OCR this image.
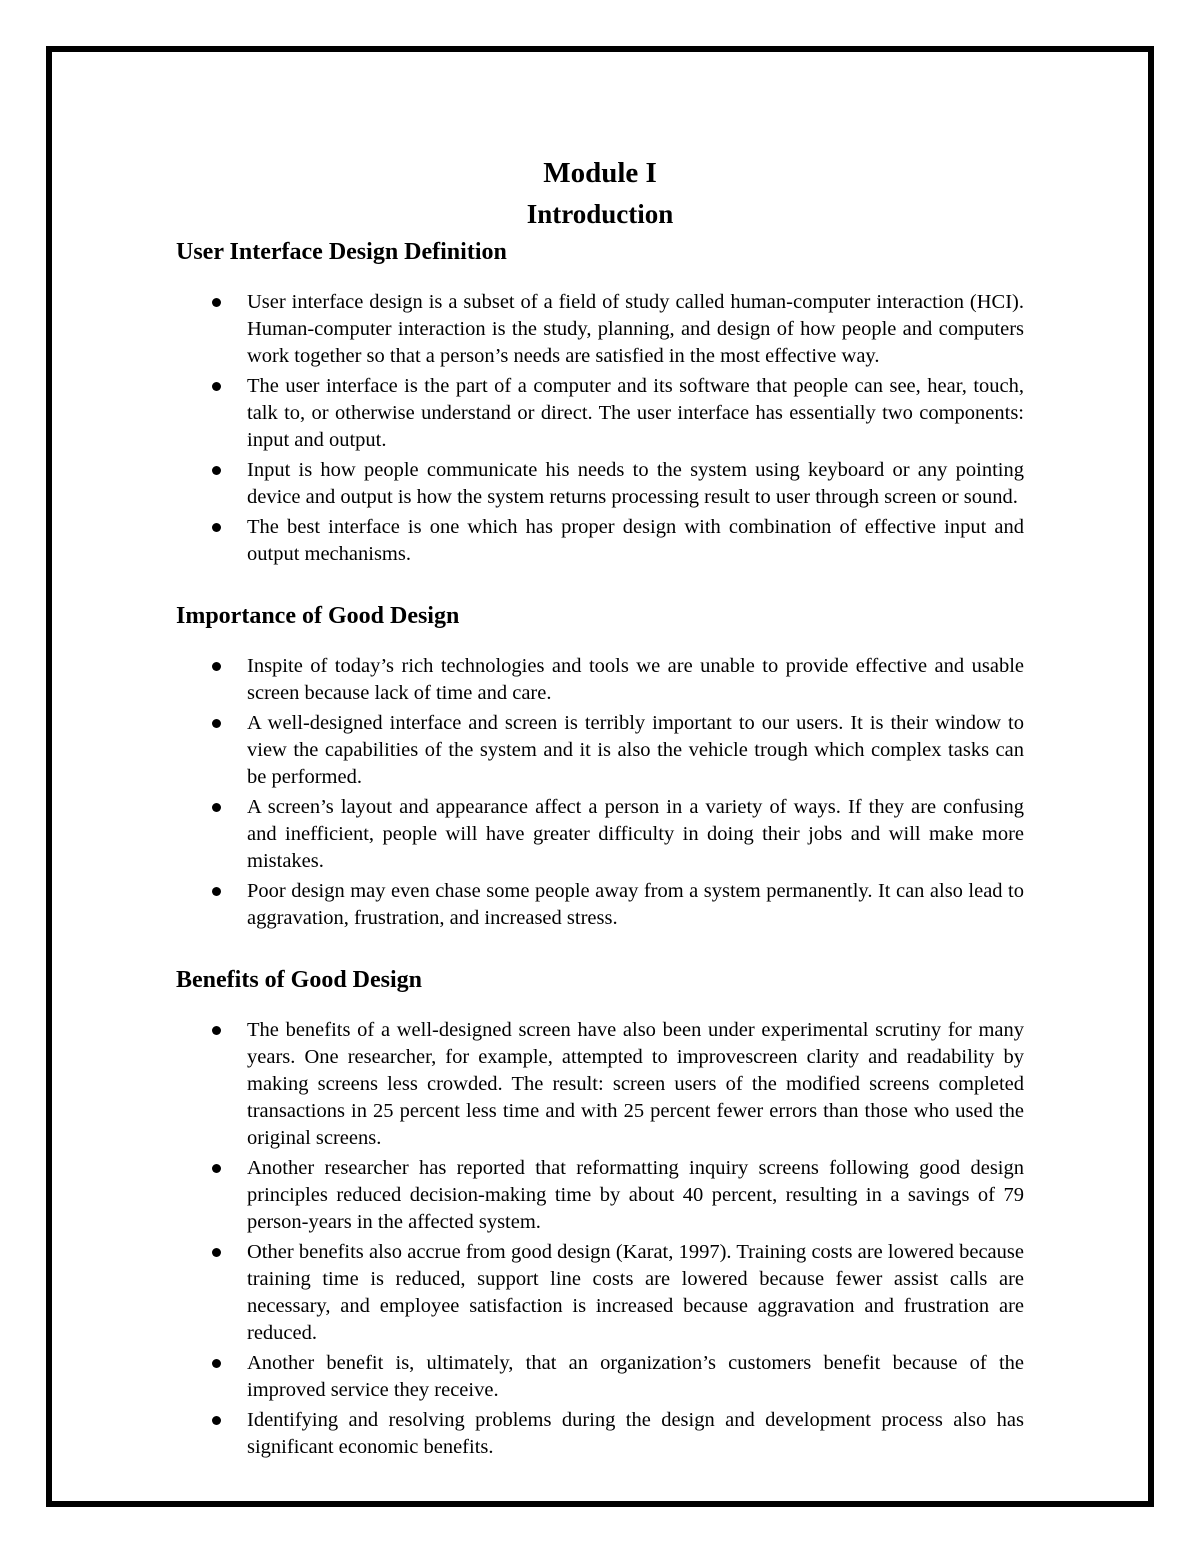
Module I
Introduction
User Interface Design Definition
User interface design is a subset of a field of study called human-computer interaction (HCI). Human-computer interaction is the study, planning, and design of how people and computers work together so that a person’s needs are satisfied in the most effective way.
The user interface is the part of a computer and its software that people can see, hear, touch, talk to, or otherwise understand or direct. The user interface has essentially two components: input and output.
Input is how people communicate his needs to the system using keyboard or any pointing device and output is how the system returns processing result to user through screen or sound.
The best interface is one which has proper design with combination of effective input and output mechanisms.
Importance of Good Design
Inspite of today’s rich technologies and tools we are unable to provide effective and usable screen because lack of time and care.
A well-designed interface and screen is terribly important to our users. It is their window to view the capabilities of the system and it is also the vehicle trough which complex tasks can be performed.
A screen’s layout and appearance affect a person in a variety of ways. If they are confusing and inefficient, people will have greater difficulty in doing their jobs and will make more mistakes.
Poor design may even chase some people away from a system permanently. It can also lead to aggravation, frustration, and increased stress.
Benefits of Good Design
The benefits of a well-designed screen have also been under experimental scrutiny for many years. One researcher, for example, attempted to improvescreen clarity and readability by making screens less crowded. The result: screen users of the modified screens completed transactions in 25 percent less time and with 25 percent fewer errors than those who used the original screens.
Another researcher has reported that reformatting inquiry screens following good design principles reduced decision-making time by about 40 percent, resulting in a savings of 79 person-years in the affected system.
Other benefits also accrue from good design (Karat, 1997). Training costs are lowered because training time is reduced, support line costs are lowered because fewer assist calls are necessary, and employee satisfaction is increased because aggravation and frustration are reduced.
Another benefit is, ultimately, that an organization’s customers benefit because of the improved service they receive.
Identifying and resolving problems during the design and development process also has significant economic benefits.
